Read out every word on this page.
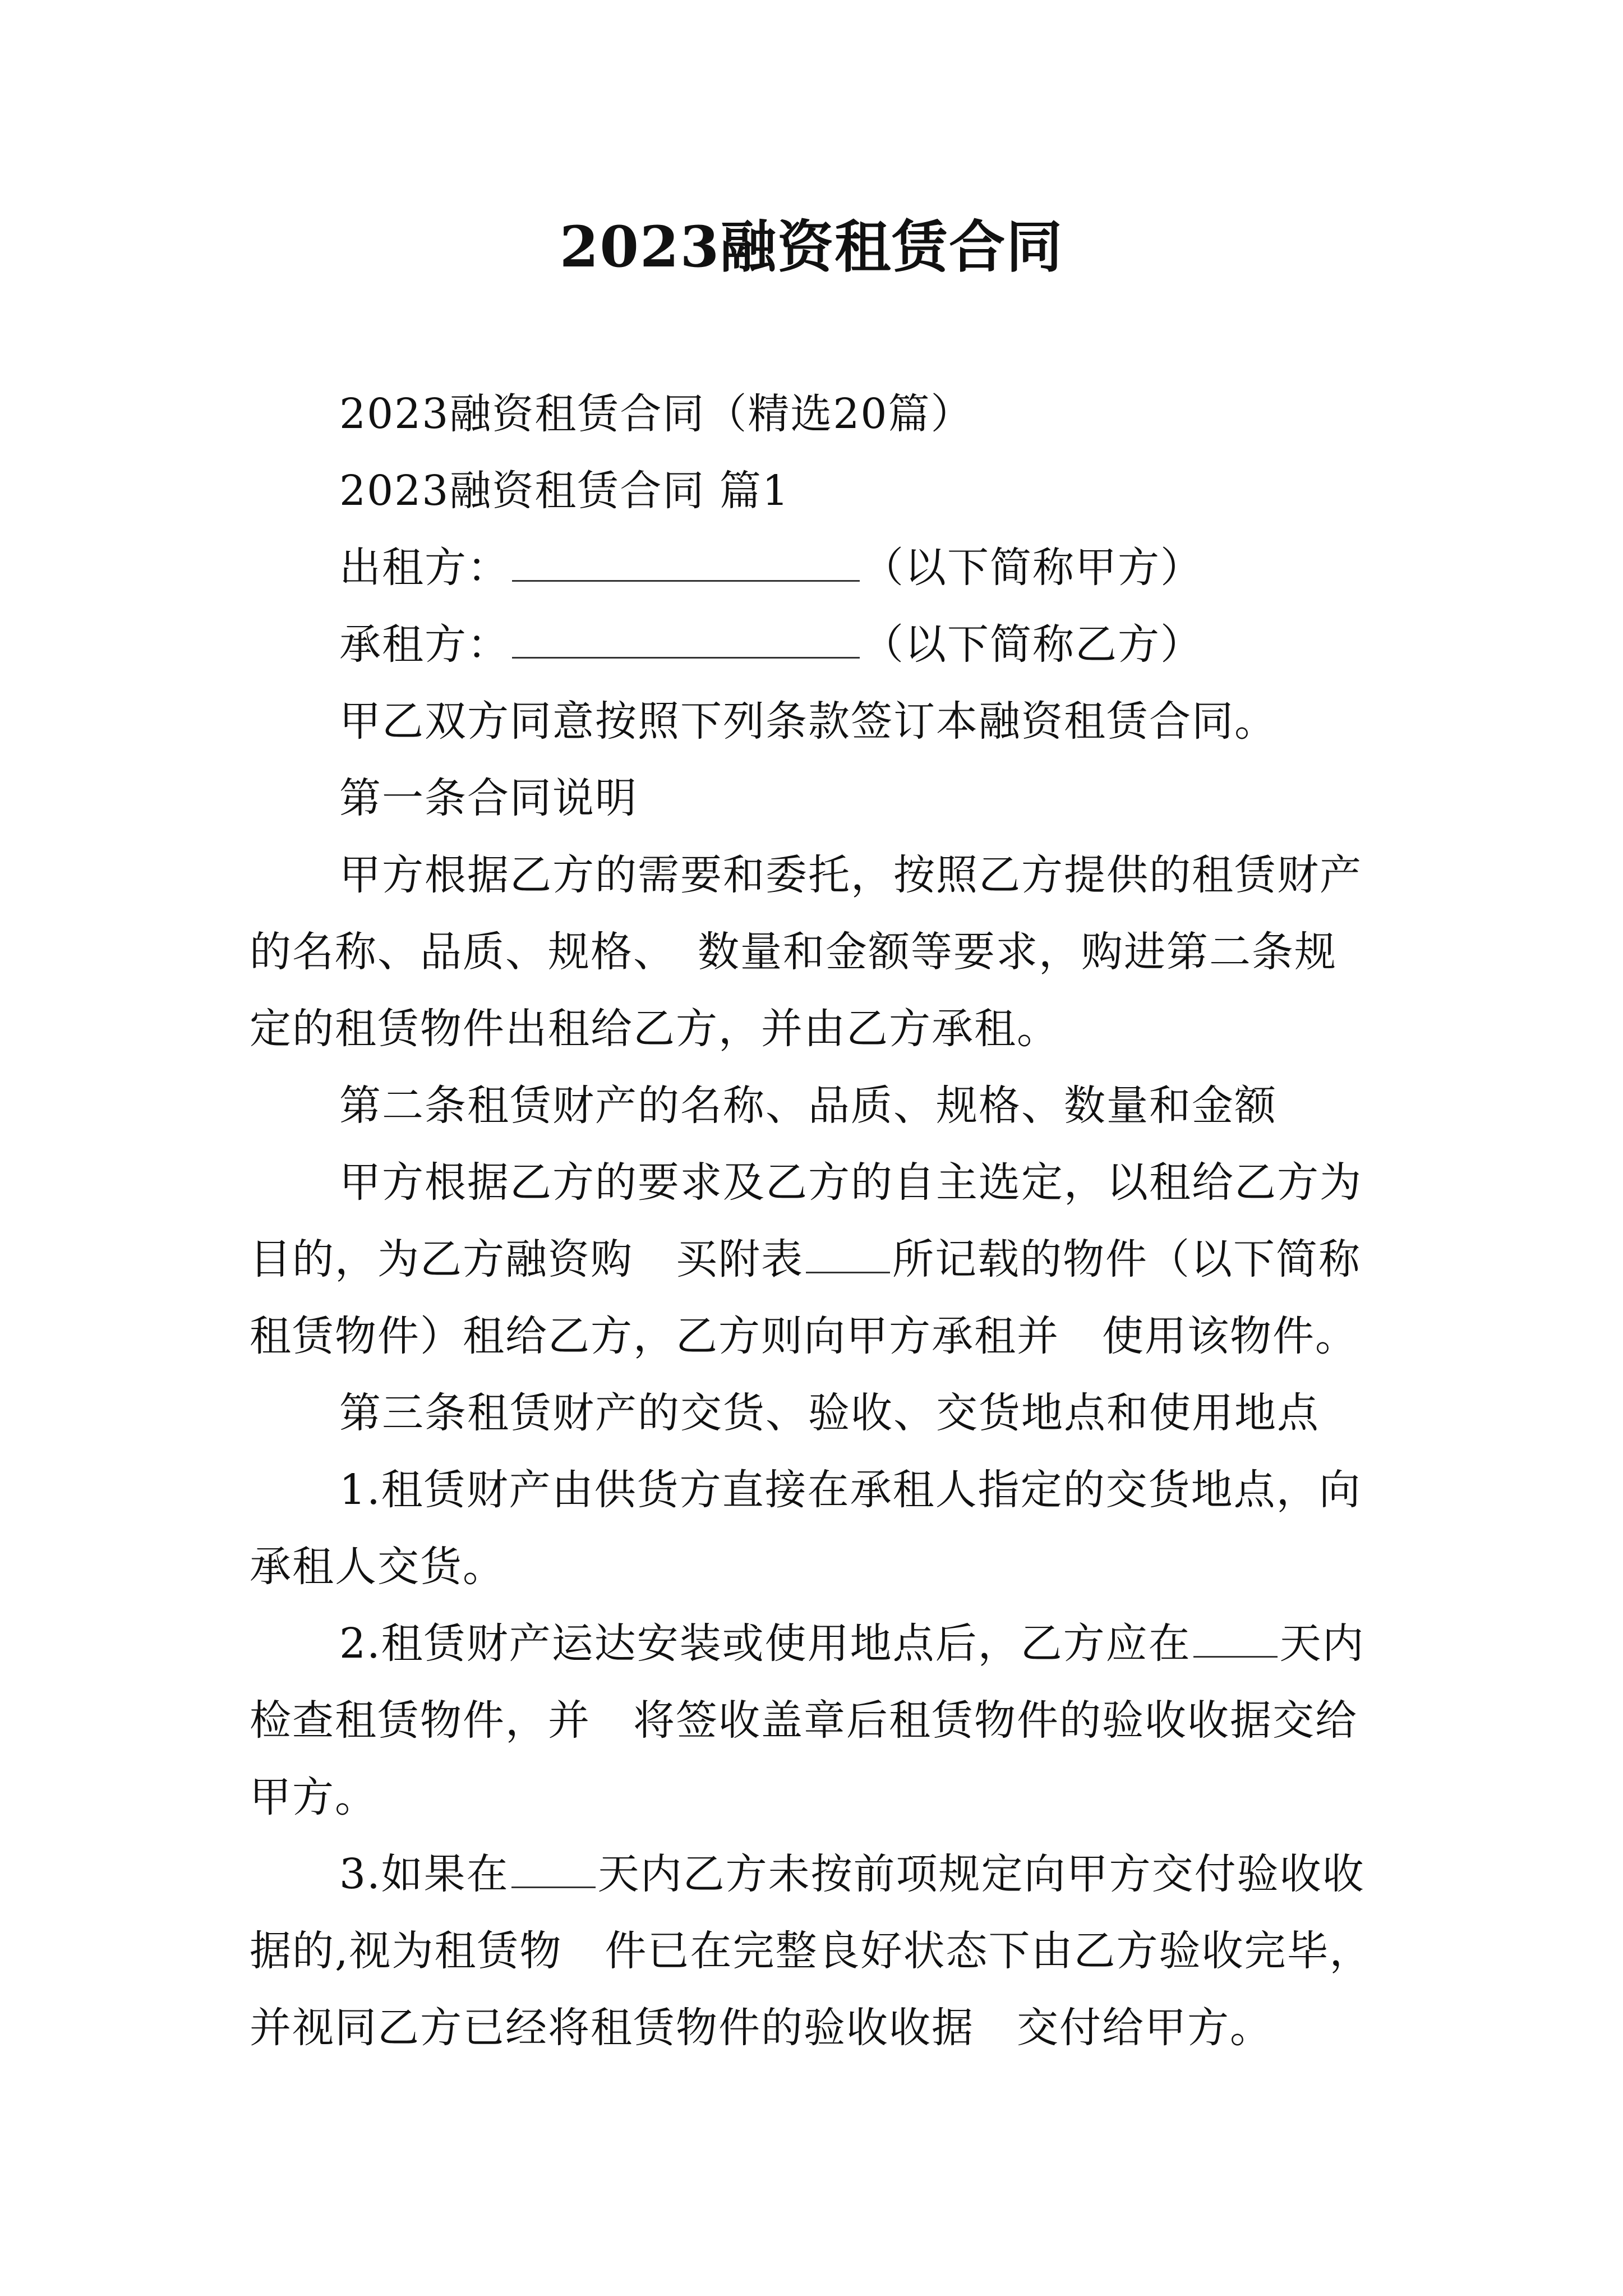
2023融资租赁合同
2023融资租赁合同（精选20篇）
2023融资租赁合同 篇1
出租方：	（以下简称甲方）
承租方：	（以下简称乙方）
甲乙双方同意按照下列条款签订本融资租赁合同。
第一条合同说明
甲方根据乙方的需要和委托，按照乙方提供的租赁财产
的名称、品质、规格、　数量和金额等要求，购进第二条规
定的租赁物件出租给乙方，并由乙方承租。
第二条租赁财产的名称、品质、规格、数量和金额
甲方根据乙方的要求及乙方的自主选定，以租给乙方为
目的，为乙方融资购　买附表 所记载的物件（以下简称
租赁物件）租给乙方，乙方则向甲方承租并　使用该物件。
第三条租赁财产的交货、验收、交货地点和使用地点
1.租赁财产由供货方直接在承租人指定的交货地点，向
承租人交货。
2.租赁财产运达安装或使用地点后，乙方应在 天内
检查租赁物件，并　将签收盖章后租赁物件的验收收据交给
甲方。
3.如果在 天内乙方未按前项规定向甲方交付验收收
据的,视为租赁物　件已在完整良好状态下由乙方验收完毕，
并视同乙方已经将租赁物件的验收收据　交付给甲方。
